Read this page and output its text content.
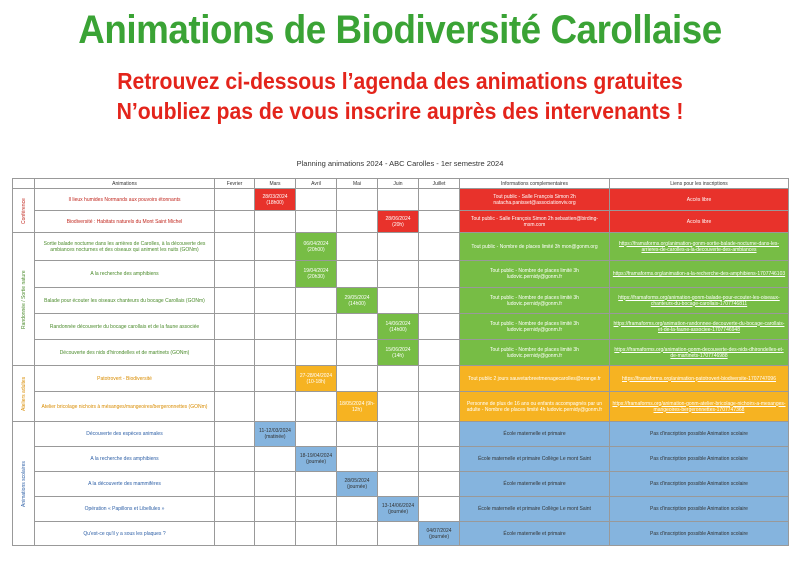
Animations de Biodiversité Carollaise
Retrouvez ci-dessous l’agenda des animations gratuites
N’oubliez pas de vous inscrire auprès des intervenants !
Planning animations 2024 - ABC Carolles - 1er semestre 2024
	Animations	Fevrier	Mars	Avril	Mai	Juin	Juillet	Informations complementaires	Liens pour les inscriptions
Conférence	Il lieux humides Normands aux pouvoirs étonnants		28/03/2024 (18h00)					Tout public - Salle François Simon 2h natacha.panisset@associationviv.org	Accès libre
	Biodiversité : Habitats naturels du Mont Saint Michel					28/06/2024 (20h)		Tout public - Salle François Simon 2h sebastien@birding-msm.com	Accès libre
Randonnée / Sortie nature	Sortie balade nocturne dans les arrières de Carolles, à la découverte des ambiances nocturnes et des oiseaux qui animent les nuits (GONm)			06/04/2024 (20h00)				Tout public - Nombre de places limité 3h mon@gonm.org	https://framaforms.org/animation-gonm-sortie-balade-nocturne-dans-les-arrieres-de-carolles-a-la-decouverte-des-ambiances
	A la recherche des amphibiens			19/04/2024 (20h30)				Tout public - Nombre de places limité 3h ludovic.pernidy@gonm.fr	https://framaforms.org/animation-a-la-recherche-des-amphibiens-1707746103
	Balade pour écouter les oiseaux chanteurs du bocage Carollais (GONm)				29/05/2024 (14h00)			Tout public - Nombre de places limité 3h ludovic.pernidy@gonm.fr	https://framaforms.org/animation-gonm-balade-pour-ecouter-les-oiseaux-chanteurs-du-bocage-carollais-1707746811
	Randonnée découverte du bocage carollais et de la faune associée					14/06/2024 (14h00)		Tout public - Nombre de places limité 3h ludovic.pernidy@gonm.fr	https://framaforms.org/animation-randonnee-decouverte-du-bocage-carollais-et-de-la-faune-associee-1707746948
	Découverte des nids d'hirondelles et de martinets (GONm)					15/06/2024 (14h)		Tout public - Nombre de places limité 3h ludovic.pernidy@gonm.fr	https://framaforms.org/animation-gonm-decouverte-des-nids-dhirondelles-et-de-martinets-1707746988
Ateliers adultes	Patotrovert - Biodiversité			27-28/04/2024 (10-18h)				Tout public 2 jours sauvetarbreetmenagecarolles@orange.fr	https://framaforms.org/animation-patotrovert-biodiversite-1707747096
	Atelier bricolage nichoirs à mésanges/mangeoires/bergeronnettes (GONm)				18/05/2024 (9h-12h)			Personne de plus de 16 ans ou enfants accompagnés par un adulte - Nombre de places limité 4h ludovic.pernidy@gonm.fr	https://framaforms.org/animation-gonm-atelier-bricolage-nichoirs-a-mesanges-mangeoires-bergeronnettes-1707747368
Animations scolaires	Découverte des espèces animales		11-12/03/2024 (matinée)					École maternelle et primaire	Pas d'inscription possible Animation scolaire
	A la recherche des amphibiens			18-19/04/2024 (journée)				École maternelle et primaire Collège Le mont Saint	Pas d'inscription possible Animation scolaire
	A la découverte des mammifères				28/05/2024 (journée)			École maternelle et primaire	Pas d'inscription possible Animation scolaire
	Opération « Papillons et Libellules »					13-14/06/2024 (journée)		École maternelle et primaire Collège Le mont Saint	Pas d'inscription possible Animation scolaire
	Qu'est-ce qu'il y a sous les plaques ?						04/07/2024 (journée)	École maternelle et primaire	Pas d'inscription possible Animation scolaire
